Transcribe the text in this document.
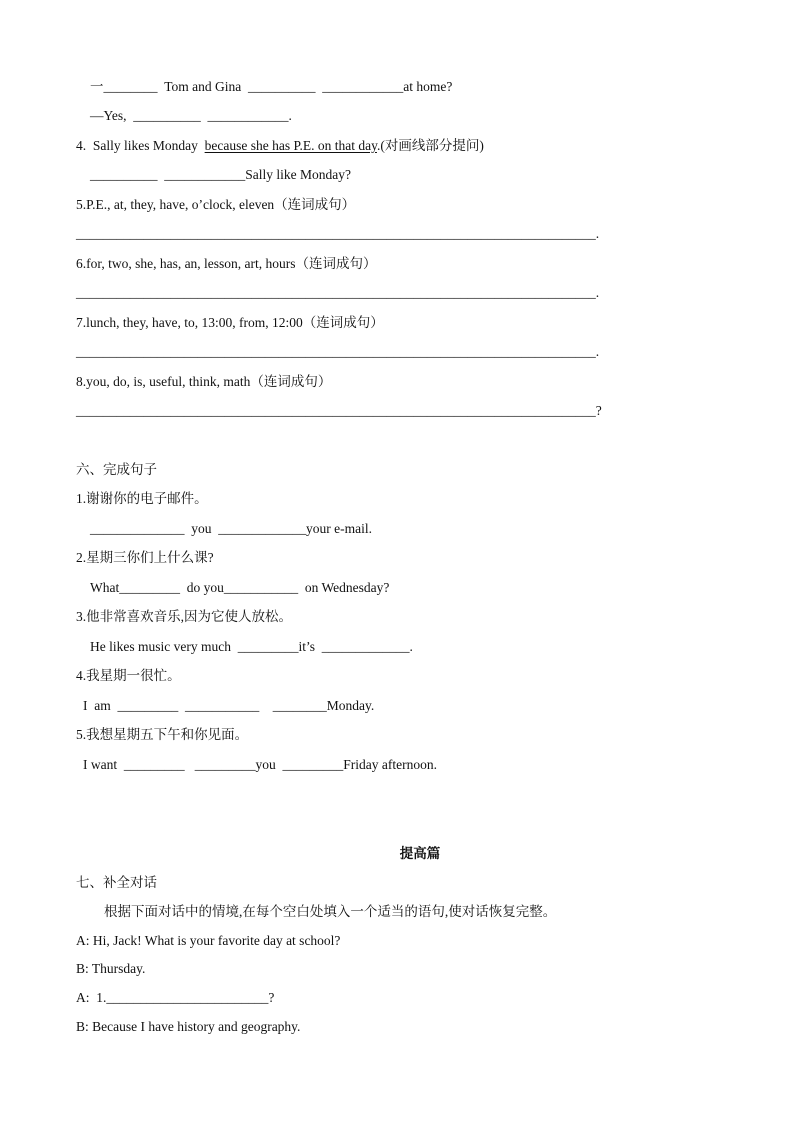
一________  Tom and Gina  __________  ____________at home?
—Yes,  __________  ____________.
4.  Sally likes Monday  because she has P.E. on that day.(对画线部分提问)
__________  ____________Sally like Monday?
5.P.E., at, they, have, o’clock, eleven（连词成句）
_____________________________________________________________________________.
6.for, two, she, has, an, lesson, art, hours（连词成句）
_____________________________________________________________________________.
7.lunch, they, have, to, 13:00, from, 12:00（连词成句）
_____________________________________________________________________________.
8.you, do, is, useful, think, math（连词成句）
_____________________________________________________________________________?
六、完成句子
1.谢谢你的电子邮件。
______________  you  _____________your e-mail.
2.星期三你们上什么课?
What_________  do you___________  on Wednesday?
3.他非常喜欢音乐,因为它使人放松。
He likes music very much  _________it’s  _____________.
4.我星期一很忙。
I  am  _________  ___________    ________Monday.
5.我想星期五下午和你见面。
I want  _________   _________you  _________Friday afternoon.
提高篇
七、补全对话
根据下面对话中的情境,在每个空白处填入一个适当的语句,使对话恢复完整。
A: Hi, Jack! What is your favorite day at school?
B: Thursday.
A:  1.________________________?
B: Because I have history and geography.
